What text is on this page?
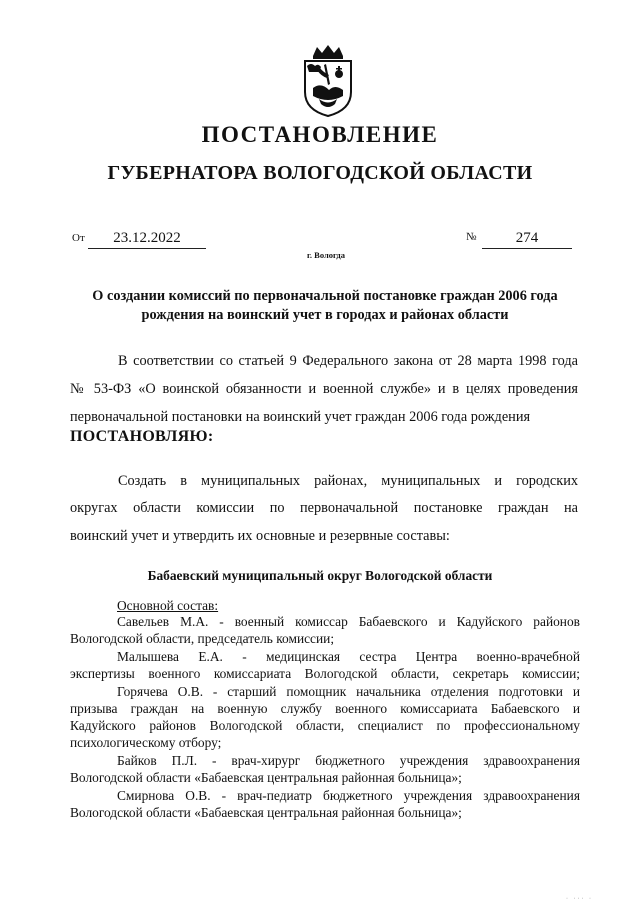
ПОСТАНОВЛЕНИЕ
ГУБЕРНАТОРА ВОЛОГОДСКОЙ ОБЛАСТИ
От	23.12.2022	№	274
г. Вологда
О создании комиссий по первоначальной постановке граждан 2006 года
рождения на воинский учет в городах и районах области
В соответствии со статьей 9 Федерального закона от 28 марта 1998 года
№ 53-ФЗ «О воинской обязанности и военной службе» и в целях проведения
первоначальной постановки на воинский учет граждан 2006 года рождения
ПОСТАНОВЛЯЮ:
Создать в муниципальных районах, муниципальных и городских
округах области комиссии по первоначальной постановке граждан на
воинский учет и утвердить их основные и резервные составы:
Бабаевский муниципальный округ Вологодской области
Основной состав:
Савельев М.А. - военный комиссар Бабаевского и Кадуйского районов
Вологодской области, председатель комиссии;
Малышева Е.А. - медицинская сестра Центра военно-врачебной
экспертизы военного комиссариата Вологодской области, секретарь комиссии;
Горячева О.В. - старший помощник начальника отделения подготовки и
призыва граждан на военную службу военного комиссариата Бабаевского и
Кадуйского районов Вологодской области, специалист по профессиональному
психологическому отбору;
Байков П.Л. - врач-хирург бюджетного учреждения здравоохранения
Вологодской области «Бабаевская центральная районная больница»;
Смирнова О.В. - врач-педиатр бюджетного учреждения здравоохранения
Вологодской области «Бабаевская центральная районная больница»;
· ··· ·
